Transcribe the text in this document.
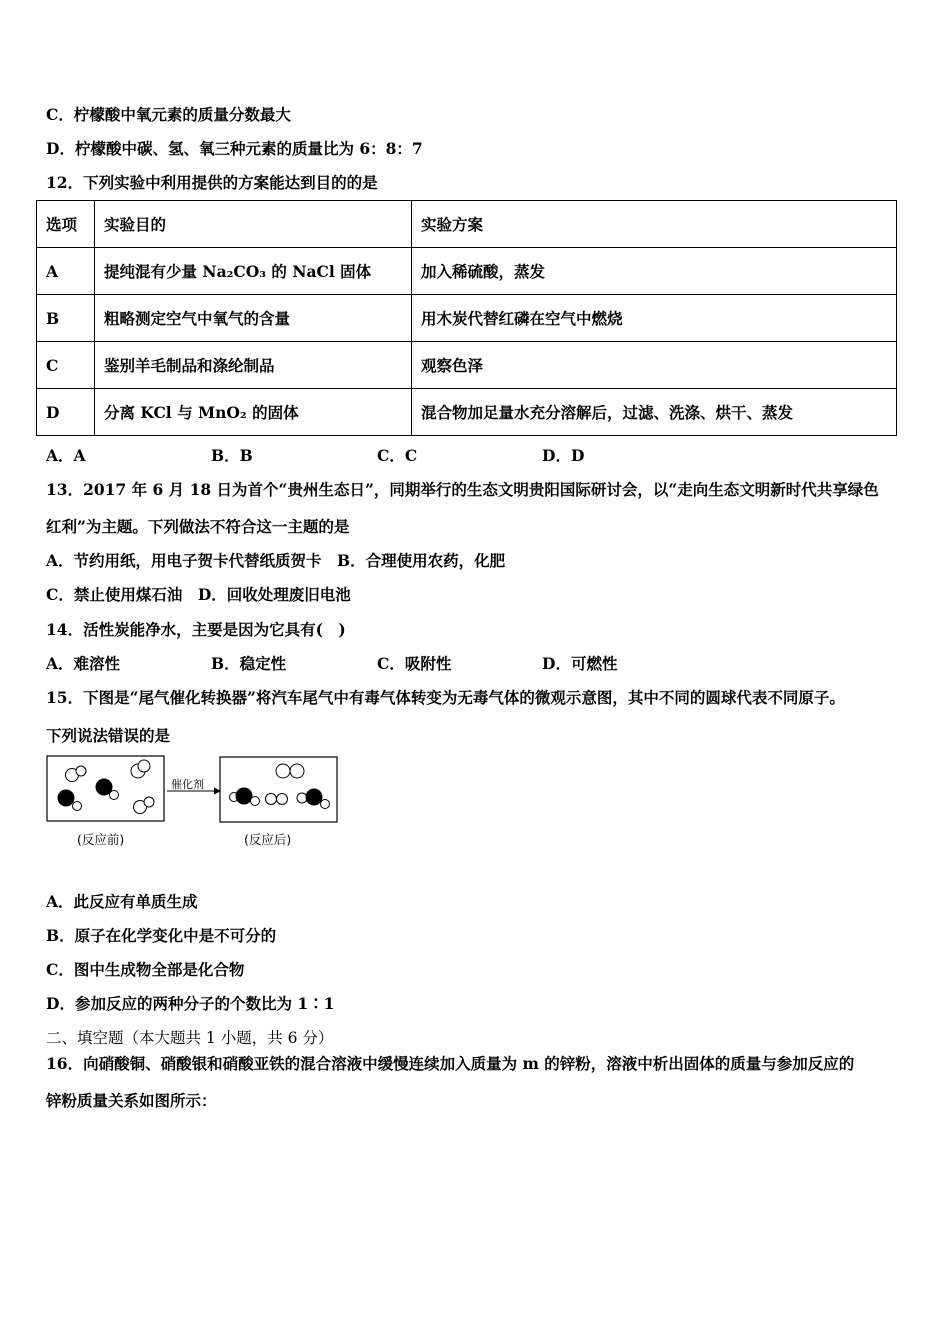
C．柠檬酸中氧元素的质量分数最大
D．柠檬酸中碳、氢、氧三种元素的质量比为 6：8：7
12．下列实验中利用提供的方案能达到目的的是
选项	实验目的	实验方案
A	提纯混有少量 Na₂CO₃ 的 NaCl 固体	加入稀硫酸，蒸发
B	粗略测定空气中氧气的含量	用木炭代替红磷在空气中燃烧
C	鉴别羊毛制品和涤纶制品	观察色泽
D	分离 KCl 与 MnO₂ 的固体	混合物加足量水充分溶解后，过滤、洗涤、烘干、蒸发
A．A	B．B	C．C	D．D
13．2017 年 6 月 18 日为首个“贵州生态日”，同期举行的生态文明贵阳国际研讨会，以“走向生态文明新时代共享绿色
红利”为主题。下列做法不符合这一主题的是
A．节约用纸，用电子贺卡代替纸质贺卡　B．合理使用农药，化肥
C．禁止使用煤石油　D．回收处理废旧电池
14．活性炭能净水，主要是因为它具有(　)
A．难溶性	B．稳定性	C．吸附性	D．可燃性
15．下图是“尾气催化转换器”将汽车尾气中有毒气体转变为无毒气体的微观示意图，其中不同的圆球代表不同原子。
下列说法错误的是
催化剂
(反应前)	(反应后)
A．此反应有单质生成
B．原子在化学变化中是不可分的
C．图中生成物全部是化合物
D．参加反应的两种分子的个数比为 1∶1
二、填空题（本大题共 1 小题，共 6 分）
16．向硝酸铜、硝酸银和硝酸亚铁的混合溶液中缓慢连续加入质量为 m 的锌粉，溶液中析出固体的质量与参加反应的
锌粉质量关系如图所示：
